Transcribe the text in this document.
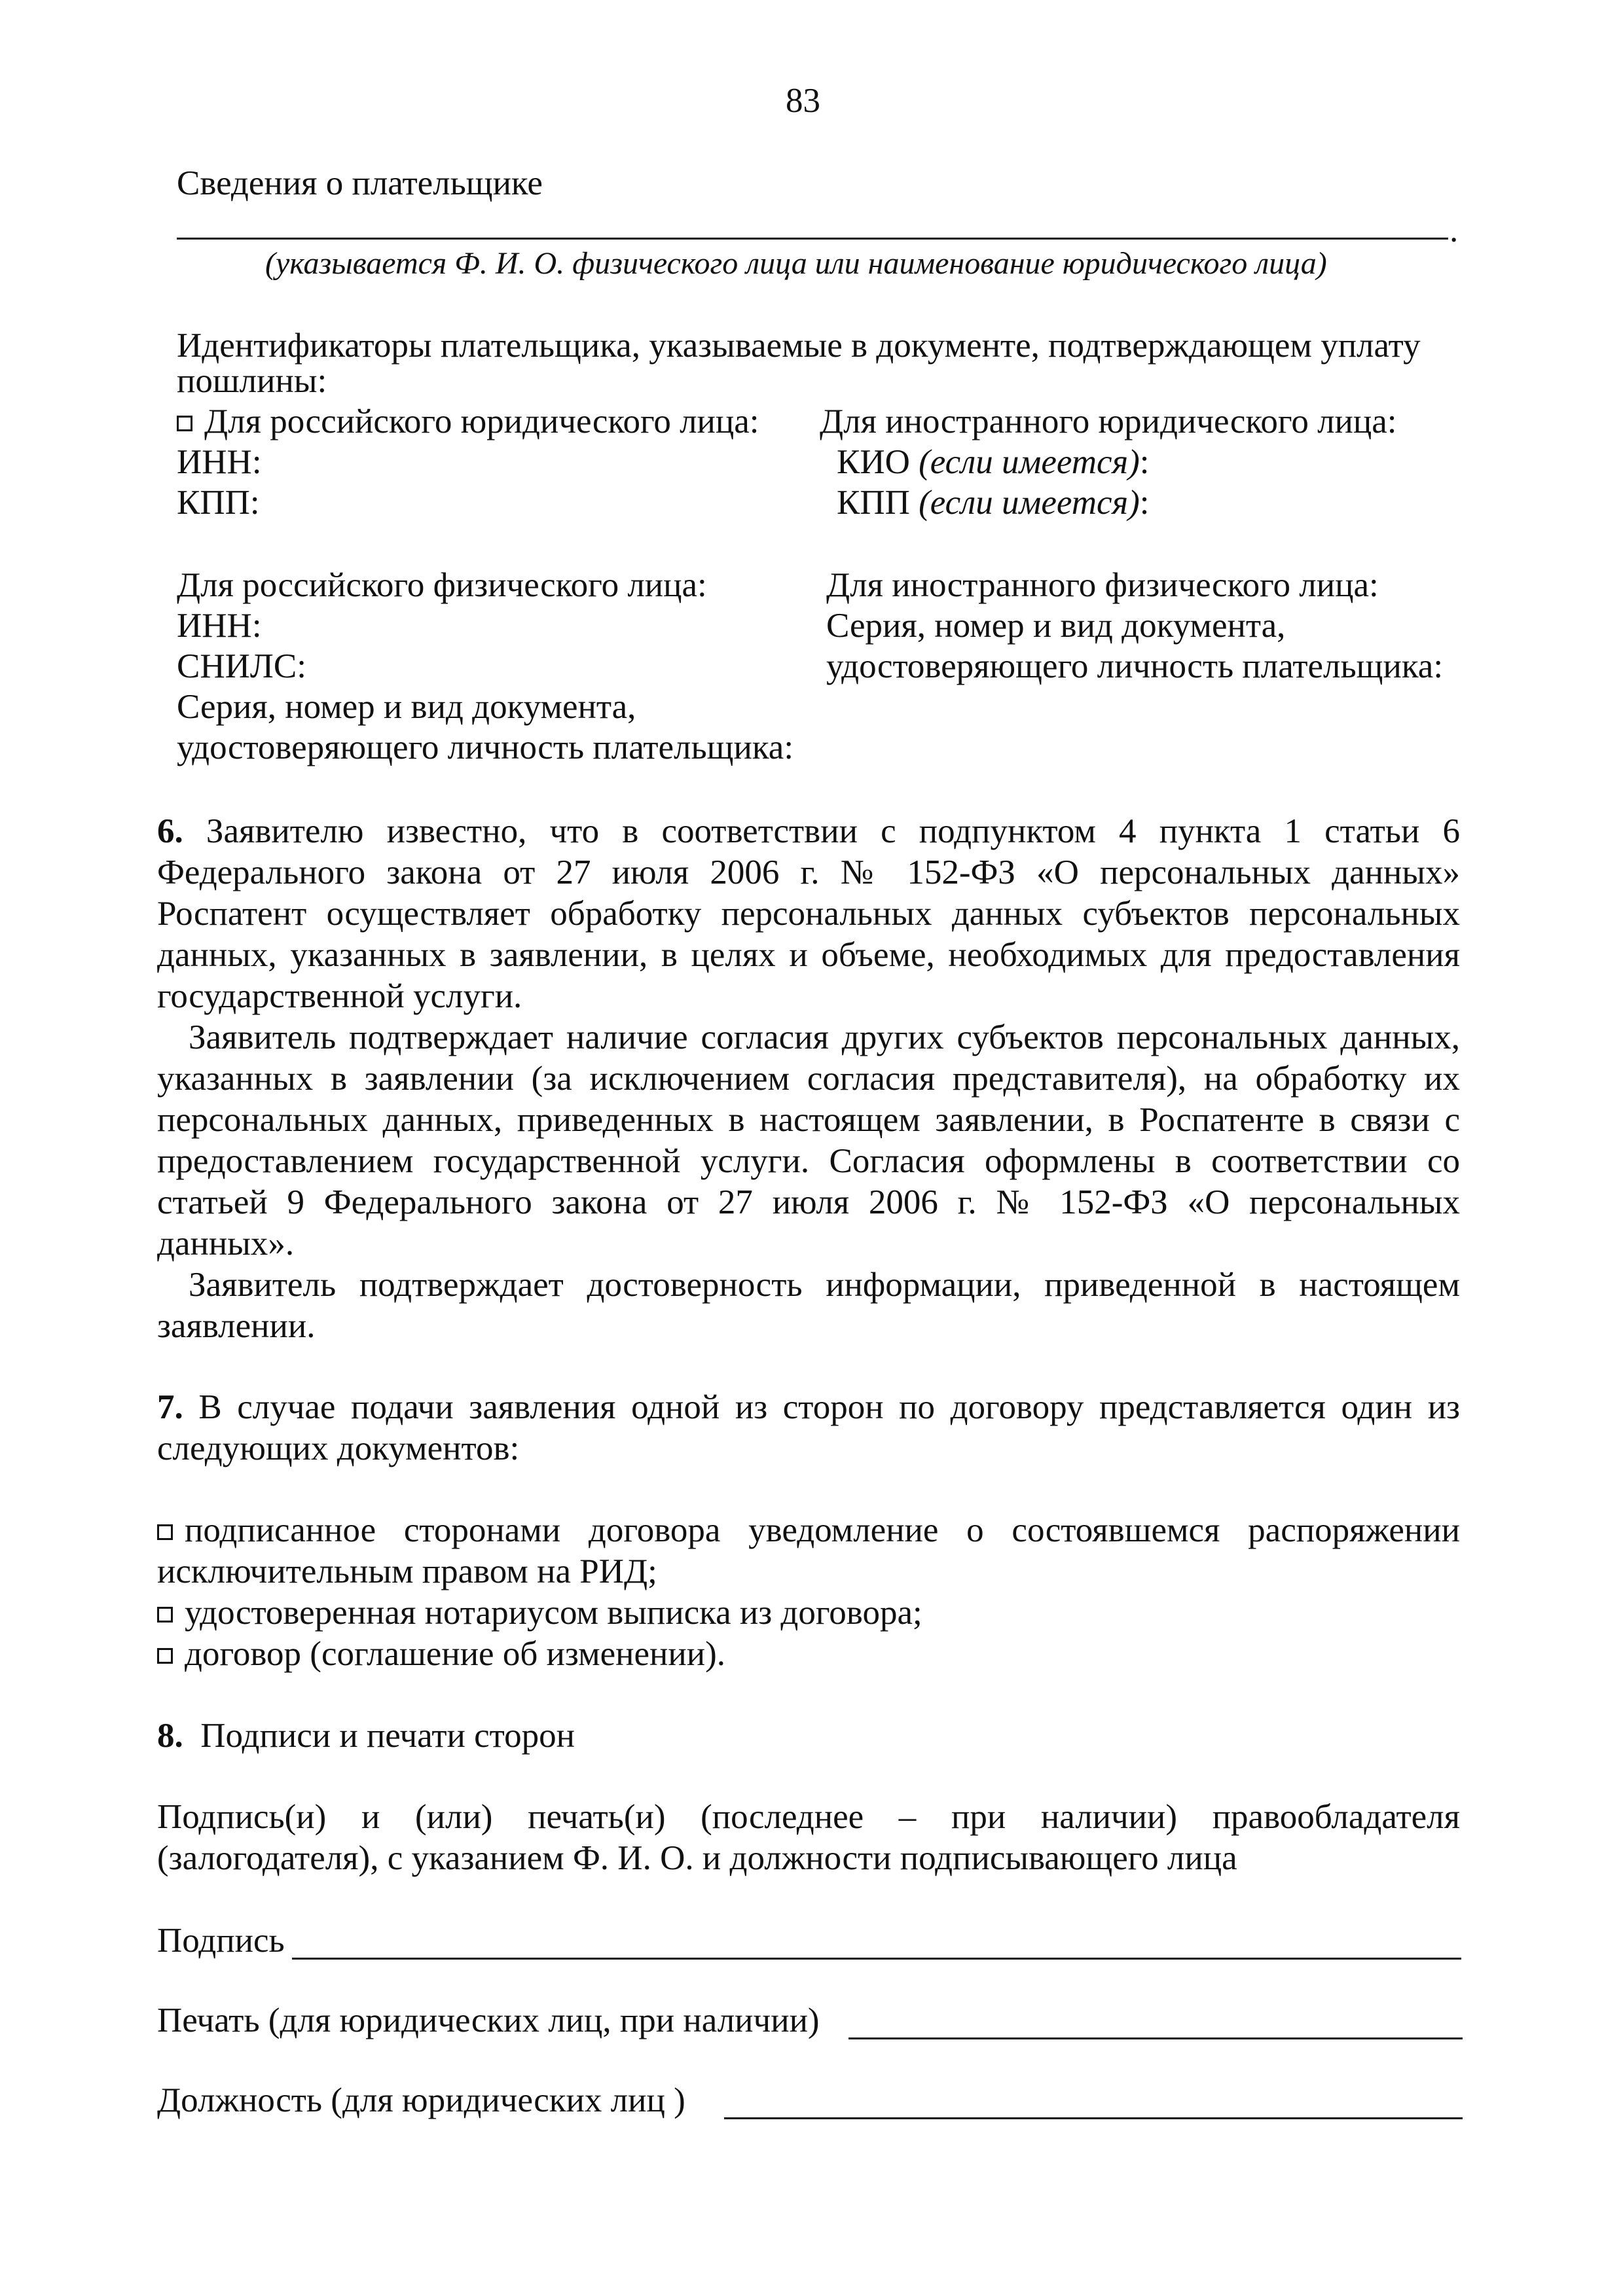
83
Сведения о плательщике
.
(указывается Ф. И. О. физического лица или наименование юридического лица)
Идентификаторы плательщика, указываемые в документе, подтверждающем уплату
пошлины:
Для российского юридического лица:
ИНН:
КПП:
Для иностранного юридического лица:
КИО (если имеется):
КПП (если имеется):
Для российского физического лица:
ИНН:
СНИЛС:
Серия, номер и вид документа,
удостоверяющего личность плательщика:
Для иностранного физического лица:
Серия, номер и вид документа,
удостоверяющего личность плательщика:
6. Заявителю известно, что в соответствии с подпунктом 4 пункта 1 статьи 6
Федерального закона от 27 июля 2006 г. № 152-ФЗ «О персональных данных»
Роспатент осуществляет обработку персональных данных субъектов персональных
данных, указанных в заявлении, в целях и объеме, необходимых для предоставления
государственной услуги.
Заявитель подтверждает наличие согласия других субъектов персональных данных,
указанных в заявлении (за исключением согласия представителя), на обработку их
персональных данных, приведенных в настоящем заявлении, в Роспатенте в связи с
предоставлением государственной услуги. Согласия оформлены в соответствии со
статьей 9 Федерального закона от 27 июля 2006 г. № 152-ФЗ «О персональных
данных».
Заявитель подтверждает достоверность информации, приведенной в настоящем
заявлении.
7. В случае подачи заявления одной из сторон по договору представляется один из
следующих документов:
подписанное сторонами договора уведомление о состоявшемся распоряжении
исключительным правом на РИД;
удостоверенная нотариусом выписка из договора;
договор (соглашение об изменении).
8. Подписи и печати сторон
Подпись(и) и (или) печать(и) (последнее – при наличии) правообладателя
(залогодателя), с указанием Ф. И. О. и должности подписывающего лица
Подпись
Печать (для юридических лиц, при наличии)
Должность (для юридических лиц )
